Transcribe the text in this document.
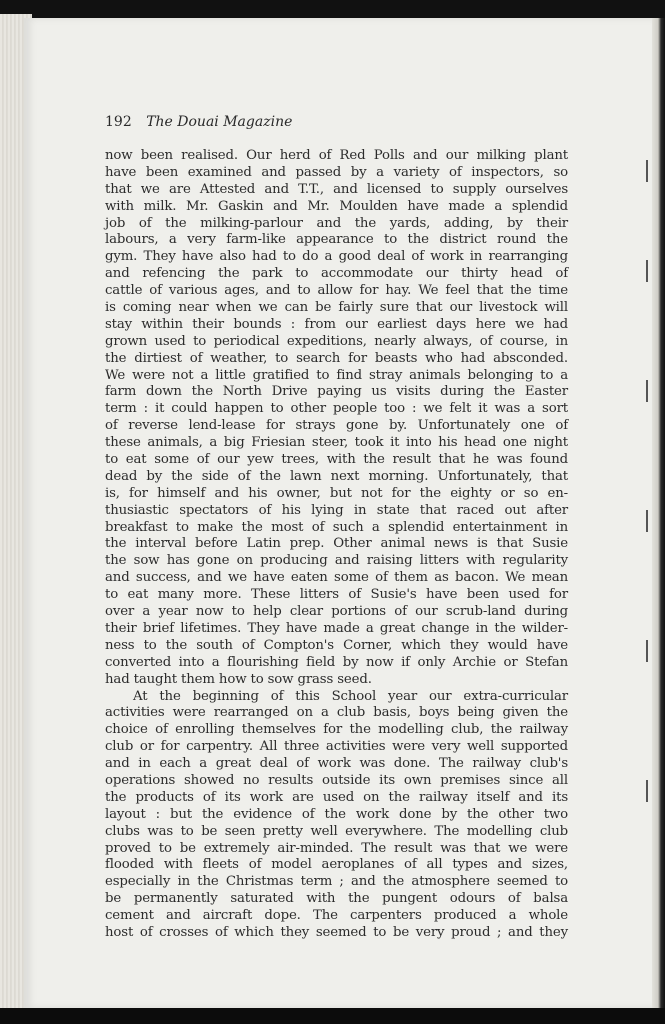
192 The Douai Magazine
now been realised. Our herd of Red Polls and our milking plant
have been examined and passed by a variety of inspectors, so
that we are Attested and T.T., and licensed to supply ourselves
with milk. Mr. Gaskin and Mr. Moulden have made a splendid
job of the milking-parlour and the yards, adding, by their
labours, a very farm-like appearance to the district round the
gym. They have also had to do a good deal of work in rearranging
and refencing the park to accommodate our thirty head of
cattle of various ages, and to allow for hay. We feel that the time
is coming near when we can be fairly sure that our livestock will
stay within their bounds : from our earliest days here we had
grown used to periodical expeditions, nearly always, of course, in
the dirtiest of weather, to search for beasts who had absconded.
We were not a little gratified to find stray animals belonging to a
farm down the North Drive paying us visits during the Easter
term : it could happen to other people too : we felt it was a sort
of reverse lend-lease for strays gone by. Unfortunately one of
these animals, a big Friesian steer, took it into his head one night
to eat some of our yew trees, with the result that he was found
dead by the side of the lawn next morning. Unfortunately, that
is, for himself and his owner, but not for the eighty or so en-
thusiastic spectators of his lying in state that raced out after
breakfast to make the most of such a splendid entertainment in
the interval before Latin prep. Other animal news is that Susie
the sow has gone on producing and raising litters with regularity
and success, and we have eaten some of them as bacon. We mean
to eat many more. These litters of Susie's have been used for
over a year now to help clear portions of our scrub-land during
their brief lifetimes. They have made a great change in the wilder-
ness to the south of Compton's Corner, which they would have
converted into a flourishing field by now if only Archie or Stefan
had taught them how to sow grass seed.
At the beginning of this School year our extra-curricular
activities were rearranged on a club basis, boys being given the
choice of enrolling themselves for the modelling club, the railway
club or for carpentry. All three activities were very well supported
and in each a great deal of work was done. The railway club's
operations showed no results outside its own premises since all
the products of its work are used on the railway itself and its
layout : but the evidence of the work done by the other two
clubs was to be seen pretty well everywhere. The modelling club
proved to be extremely air-minded. The result was that we were
flooded with fleets of model aeroplanes of all types and sizes,
especially in the Christmas term ; and the atmosphere seemed to
be permanently saturated with the pungent odours of balsa
cement and aircraft dope. The carpenters produced a whole
host of crosses of which they seemed to be very proud ; and they
